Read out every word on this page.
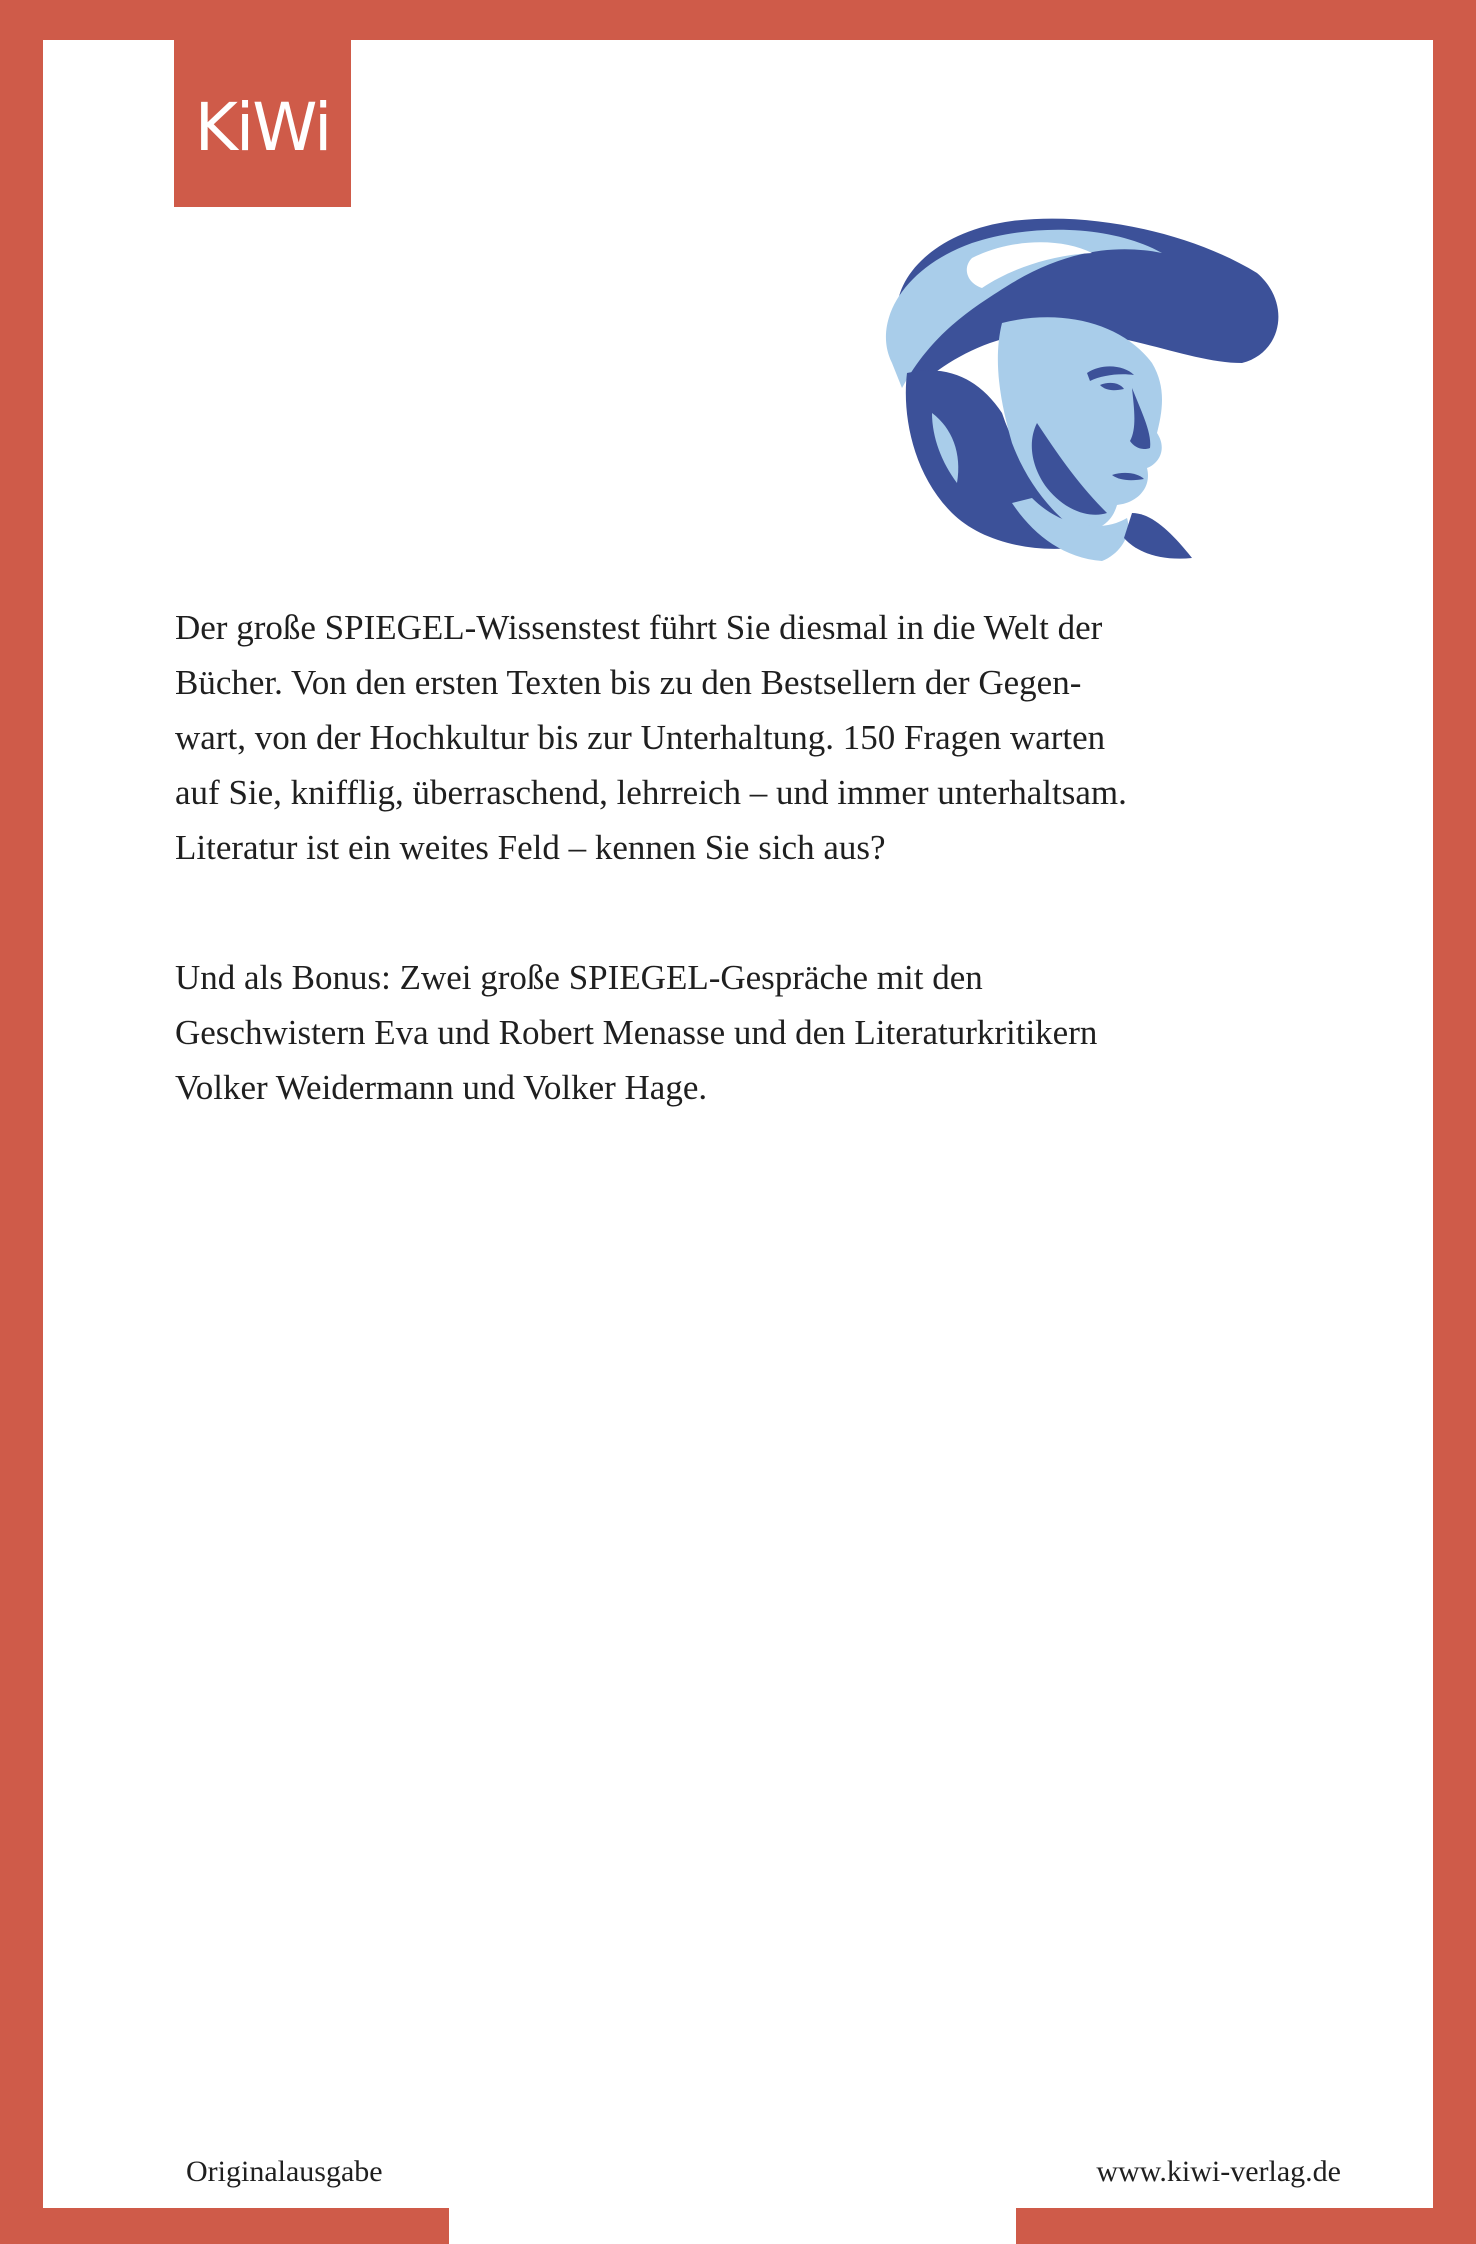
KiWi
Der große SPIEGEL-Wissenstest führt Sie diesmal in die Welt der
Bücher. Von den ersten Texten bis zu den Bestsellern der Gegen-
wart, von der Hochkultur bis zur Unterhaltung. 150 Fragen warten
auf Sie, knifflig, überraschend, lehrreich – und immer unterhaltsam.
Literatur ist ein weites Feld – kennen Sie sich aus?
Und als Bonus: Zwei große SPIEGEL-Gespräche mit den
Geschwistern Eva und Robert Menasse und den Literaturkritikern
Volker Weidermann und Volker Hage.
Originalausgabe	www.kiwi-verlag.de
